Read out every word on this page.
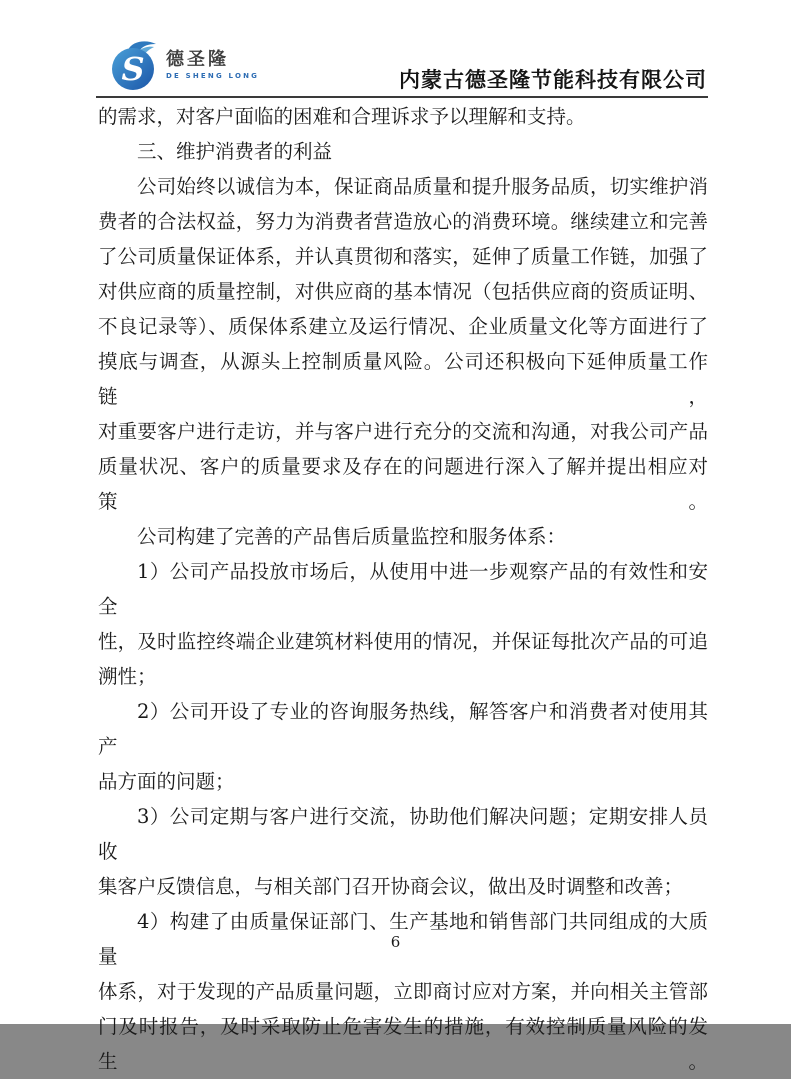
S 德圣隆
DE SHENG LONG	内蒙古德圣隆节能科技有限公司
的需求，对客户面临的困难和合理诉求予以理解和支持。
三、维护消费者的利益
公司始终以诚信为本，保证商品质量和提升服务品质，切实维护消
费者的合法权益，努力为消费者营造放心的消费环境。继续建立和完善
了公司质量保证体系，并认真贯彻和落实，延伸了质量工作链，加强了
对供应商的质量控制，对供应商的基本情况（包括供应商的资质证明、
不良记录等）、质保体系建立及运行情况、企业质量文化等方面进行了
摸底与调查，从源头上控制质量风险。公司还积极向下延伸质量工作链，
对重要客户进行走访，并与客户进行充分的交流和沟通，对我公司产品
质量状况、客户的质量要求及存在的问题进行深入了解并提出相应对策。
公司构建了完善的产品售后质量监控和服务体系：
1）公司产品投放市场后，从使用中进一步观察产品的有效性和安全
性，及时监控终端企业建筑材料使用的情况，并保证每批次产品的可追
溯性；
2）公司开设了专业的咨询服务热线，解答客户和消费者对使用其产
品方面的问题；
3）公司定期与客户进行交流，协助他们解决问题；定期安排人员收
集客户反馈信息，与相关部门召开协商会议，做出及时调整和改善；
4）构建了由质量保证部门、生产基地和销售部门共同组成的大质量
体系，对于发现的产品质量问题，立即商讨应对方案，并向相关主管部
门及时报告，及时采取防止危害发生的措施，有效控制质量风险的发生。
6
